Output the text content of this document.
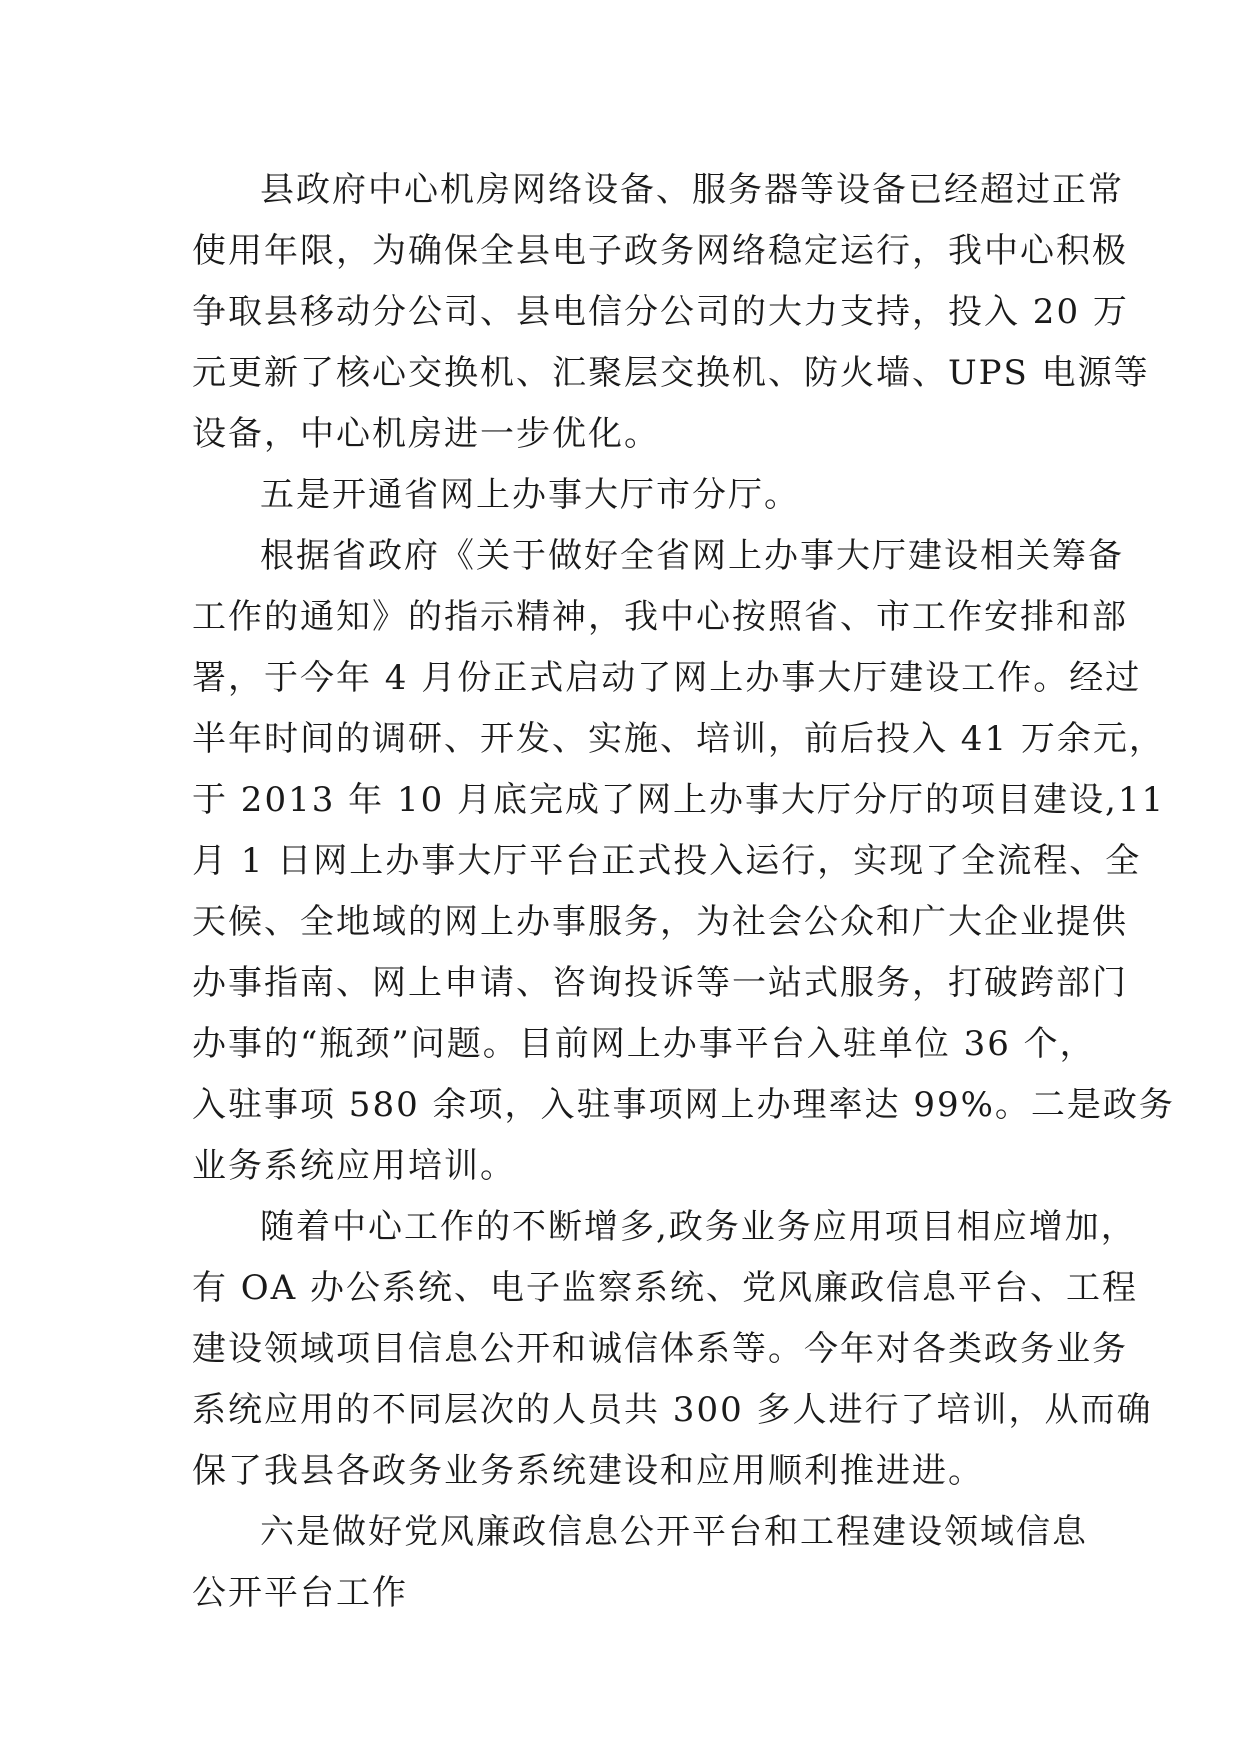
县政府中心机房网络设备、服务器等设备已经超过正常
使用年限，为确保全县电子政务网络稳定运行，我中心积极
争取县移动分公司、县电信分公司的大力支持，投入 20 万
元更新了核心交换机、汇聚层交换机、防火墙、UPS 电源等
设备，中心机房进一步优化。
五是开通省网上办事大厅市分厅。
根据省政府《关于做好全省网上办事大厅建设相关筹备
工作的通知》的指示精神，我中心按照省、市工作安排和部
署，于今年 4 月份正式启动了网上办事大厅建设工作。经过
半年时间的调研、开发、实施、培训，前后投入 41 万余元，
于 2013 年 10 月底完成了网上办事大厅分厅的项目建设,11
月 1 日网上办事大厅平台正式投入运行，实现了全流程、全
天候、全地域的网上办事服务，为社会公众和广大企业提供
办事指南、网上申请、咨询投诉等一站式服务，打破跨部门
办事的“瓶颈”问题。目前网上办事平台入驻单位 36 个，
入驻事项 580 余项，入驻事项网上办理率达 99%。二是政务
业务系统应用培训。
随着中心工作的不断增多,政务业务应用项目相应增加，
有 OA 办公系统、电子监察系统、党风廉政信息平台、工程
建设领域项目信息公开和诚信体系等。今年对各类政务业务
系统应用的不同层次的人员共 300 多人进行了培训，从而确
保了我县各政务业务系统建设和应用顺利推进进。
六是做好党风廉政信息公开平台和工程建设领域信息
公开平台工作
